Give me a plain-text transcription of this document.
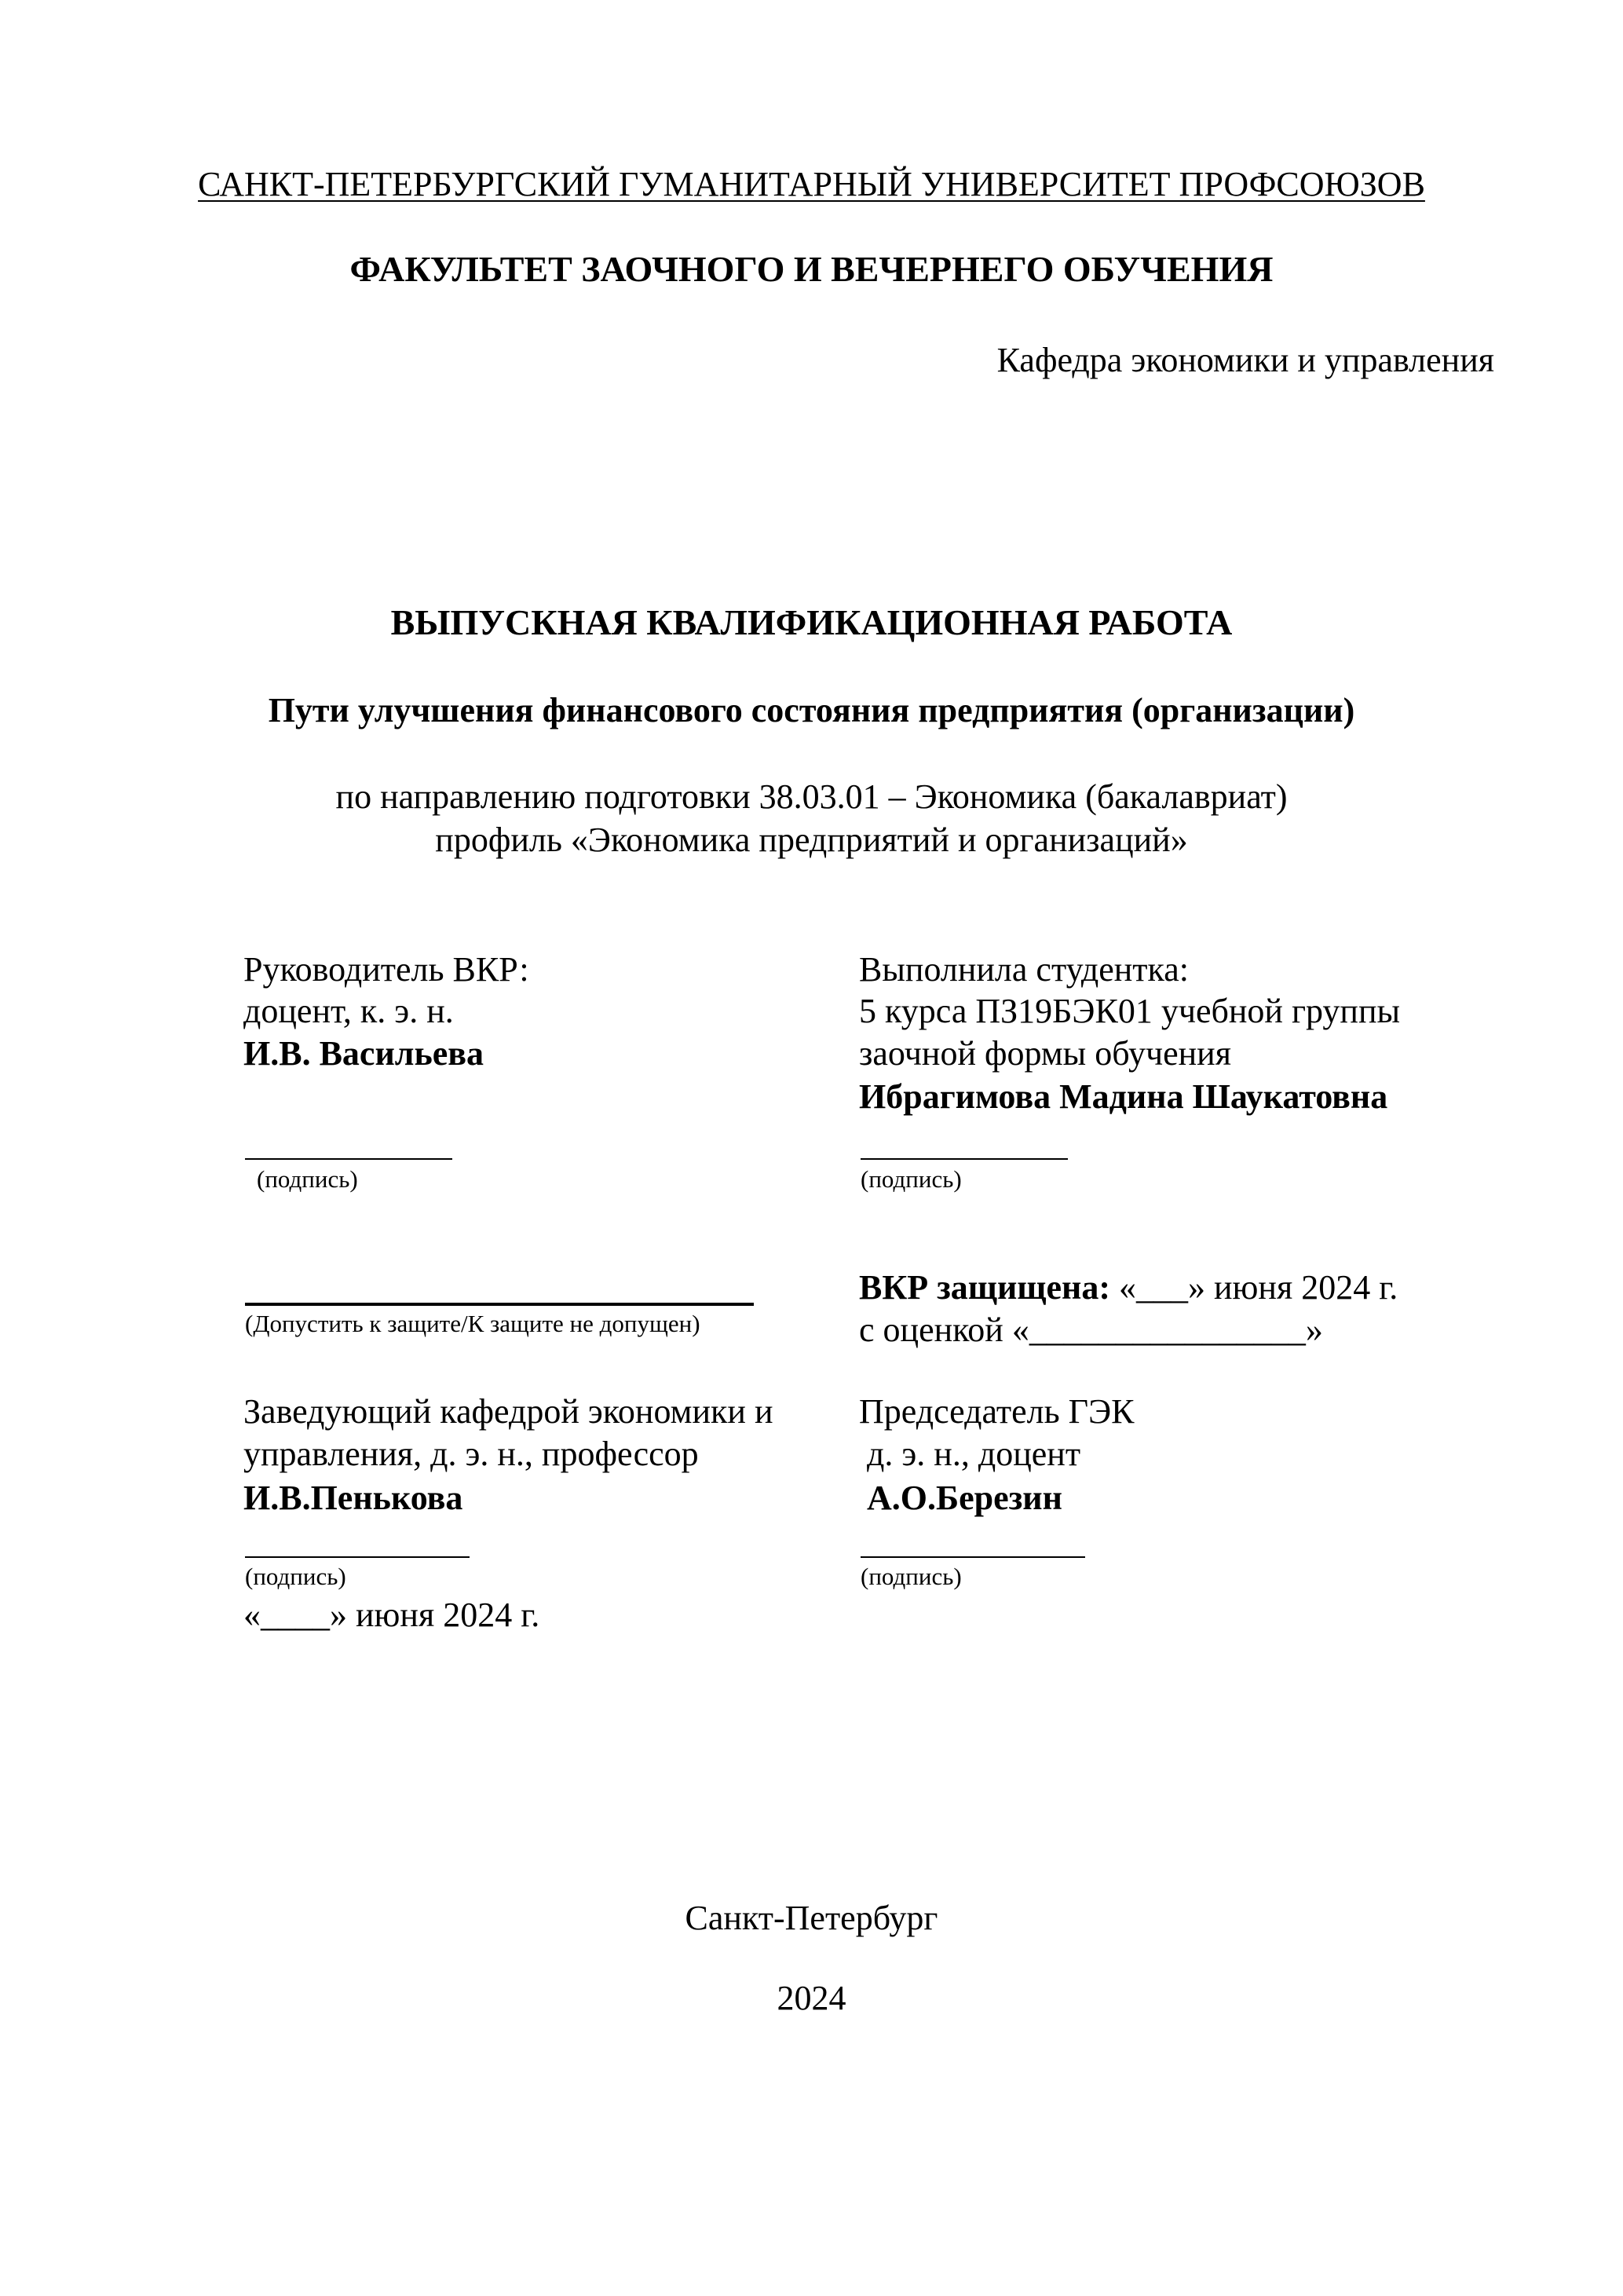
САНКТ-ПЕТЕРБУРГСКИЙ ГУМАНИТАРНЫЙ УНИВЕРСИТЕТ ПРОФСОЮЗОВ
ФАКУЛЬТЕТ ЗАОЧНОГО И ВЕЧЕРНЕГО ОБУЧЕНИЯ
Кафедра экономики и управления
ВЫПУСКНАЯ КВАЛИФИКАЦИОННАЯ РАБОТА
Пути улучшения финансового состояния предприятия (организации)
по направлению подготовки 38.03.01 – Экономика (бакалавриат)
профиль «Экономика предприятий и организаций»
Руководитель ВКР:
доцент, к. э. н.
И.В. Васильева
(подпись)
Выполнила студентка:
5 курса ПЗ19БЭК01 учебной группы
заочной формы обучения
Ибрагимова Мадина Шаукатовна
(подпись)
(Допустить к защите/К защите не допущен)
ВКР защищена: «___» июня 2024 г.
с оценкой «________________»
Заведующий кафедрой экономики и
управления, д. э. н., профессор
И.В.Пенькова
(подпись)
«____» июня 2024 г.
Председатель ГЭК
д. э. н., доцент
А.О.Березин
(подпись)
Санкт-Петербург
2024
